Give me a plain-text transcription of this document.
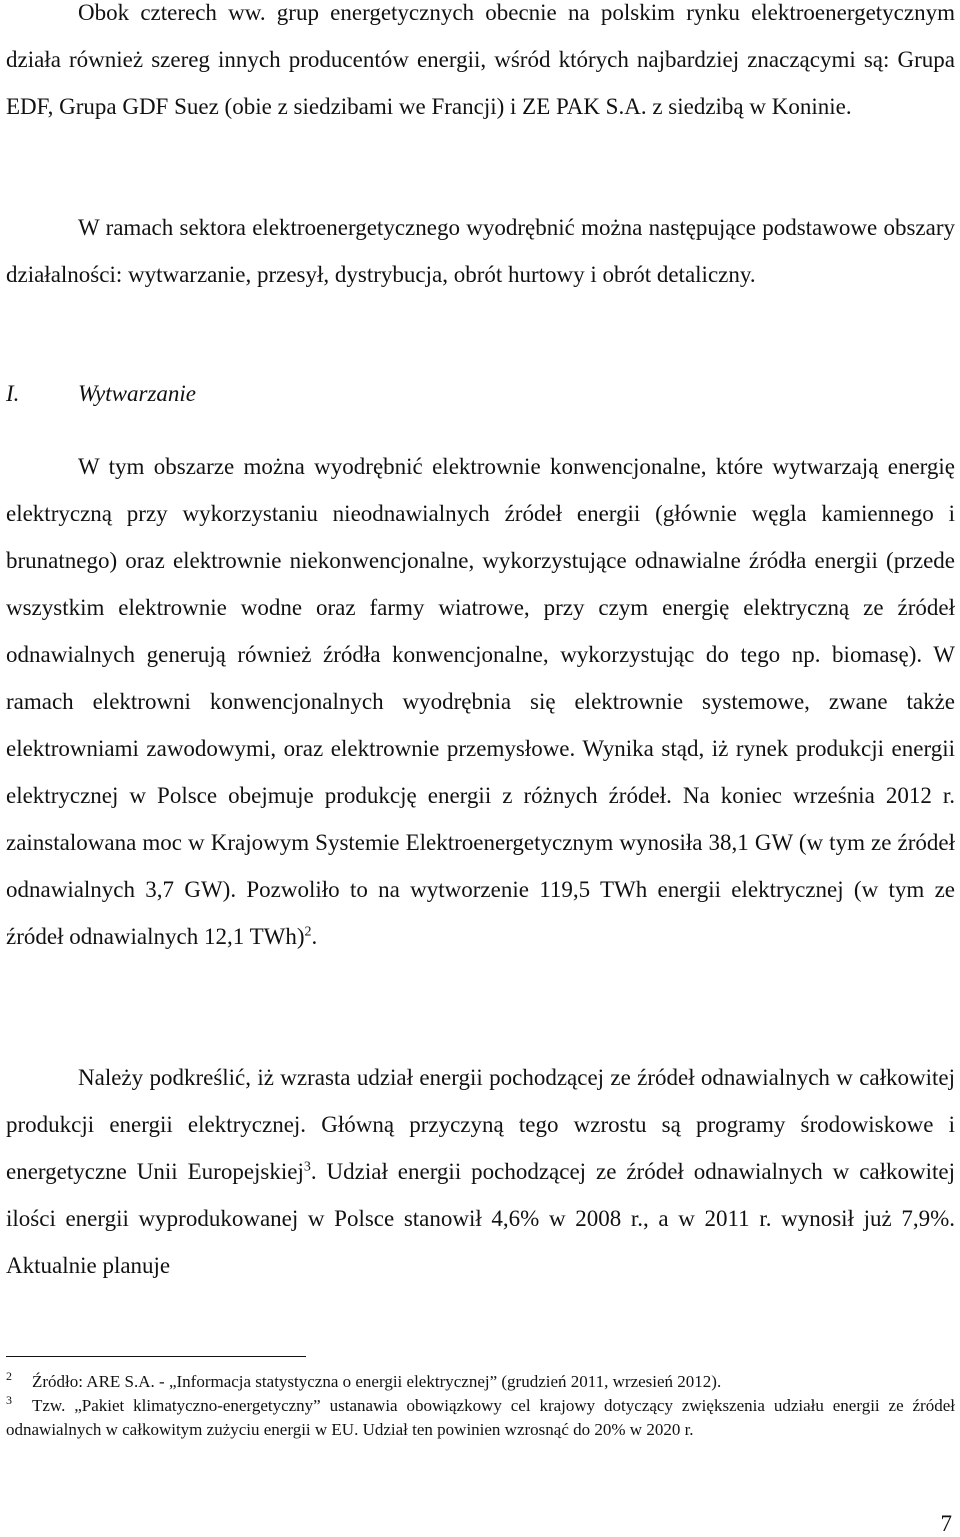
Obok czterech ww. grup energetycznych obecnie na polskim rynku elektroenergetycznym działa również szereg innych producentów energii, wśród których najbardziej znaczącymi są: Grupa EDF, Grupa GDF Suez (obie z siedzibami we Francji) i ZE PAK S.A. z siedzibą w Koninie.

W ramach sektora elektroenergetycznego wyodrębnić można następujące podstawowe obszary działalności: wytwarzanie, przesył, dystrybucja, obrót hurtowy i obrót detaliczny.

I.	Wytwarzanie

W tym obszarze można wyodrębnić elektrownie konwencjonalne, które wytwarzają energię elektryczną przy wykorzystaniu nieodnawialnych źródeł energii (głównie węgla kamiennego i brunatnego) oraz elektrownie niekonwencjonalne, wykorzystujące odnawialne źródła energii (przede wszystkim elektrownie wodne oraz farmy wiatrowe, przy czym energię elektryczną ze źródeł odnawialnych generują również źródła konwencjonalne, wykorzystując do tego np. biomasę). W ramach elektrowni konwencjonalnych wyodrębnia się elektrownie systemowe, zwane także elektrowniami zawodowymi, oraz elektrownie przemysłowe. Wynika stąd, iż rynek produkcji energii elektrycznej w Polsce obejmuje produkcję energii z różnych źródeł. Na koniec września 2012 r. zainstalowana moc w Krajowym Systemie Elektroenergetycznym wynosiła 38,1 GW (w tym ze źródeł odnawialnych 3,7 GW). Pozwoliło to na wytworzenie 119,5 TWh energii elektrycznej (w tym ze źródeł odnawialnych 12,1 TWh)$^2$.

Należy podkreślić, iż wzrasta udział energii pochodzącej ze źródeł odnawialnych w całkowitej produkcji energii elektrycznej. Główną przyczyną tego wzrostu są programy środowiskowe i energetyczne Unii Europejskiej$^3$. Udział energii pochodzącej ze źródeł odnawialnych w całkowitej ilości energii wyprodukowanej w Polsce stanowił 4,6% w 2008 r., a w 2011 r. wynosił już 7,9%. Aktualnie planuje

2 Źródło: ARE S.A. - „Informacja statystyczna o energii elektrycznej” (grudzień 2011, wrzesień 2012).

3 Tzw. „Pakiet klimatyczno-energetyczny” ustanawia obowiązkowy cel krajowy dotyczący zwiększenia udziału energii ze źródeł odnawialnych w całkowitym zużyciu energii w EU. Udział ten powinien wzrosnąć do 20% w 2020 r.

7
